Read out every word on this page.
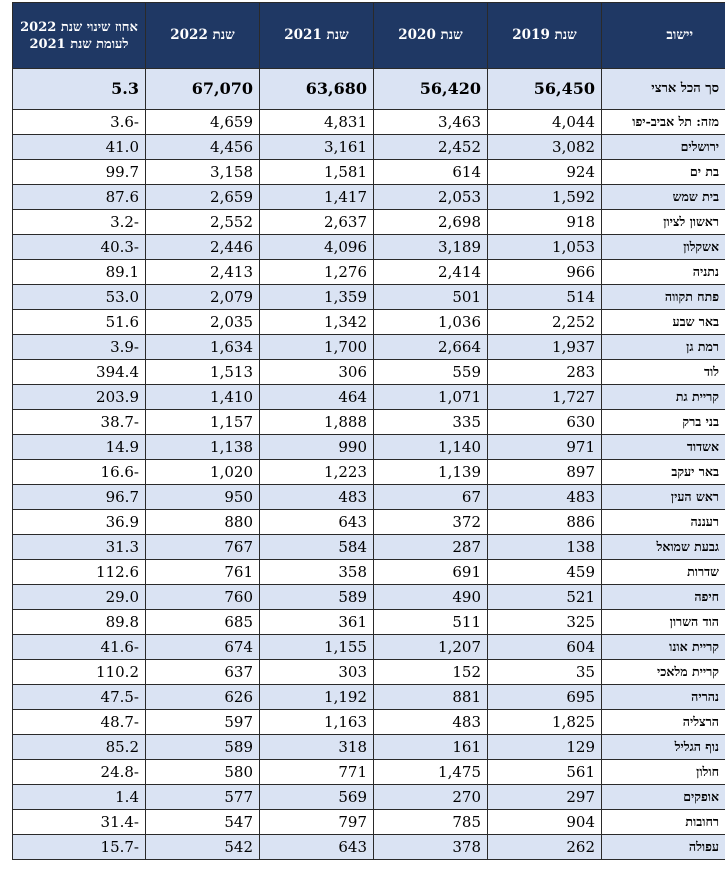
אחוז שינוי שנת 2022 לעומת שנת 2021	שנת 2022	שנת 2021	שנת 2020	שנת 2019	יישוב
5.3	67,070	63,680	56,420	56,450	סך הכל ארצי
3.6-	4,659	4,831	3,463	4,044	מזה: תל אביב-יפו
41.0	4,456	3,161	2,452	3,082	ירושלים
99.7	3,158	1,581	614	924	בת ים
87.6	2,659	1,417	2,053	1,592	בית שמש
3.2-	2,552	2,637	2,698	918	ראשון לציון
40.3-	2,446	4,096	3,189	1,053	אשקלון
89.1	2,413	1,276	2,414	966	נתניה
53.0	2,079	1,359	501	514	פתח תקווה
51.6	2,035	1,342	1,036	2,252	באר שבע
3.9-	1,634	1,700	2,664	1,937	רמת גן
394.4	1,513	306	559	283	לוד
203.9	1,410	464	1,071	1,727	קריית גת
38.7-	1,157	1,888	335	630	בני ברק
14.9	1,138	990	1,140	971	אשדוד
16.6-	1,020	1,223	1,139	897	באר יעקב
96.7	950	483	67	483	ראש העין
36.9	880	643	372	886	רעננה
31.3	767	584	287	138	גבעת שמואל
112.6	761	358	691	459	שדרות
29.0	760	589	490	521	חיפה
89.8	685	361	511	325	הוד השרון
41.6-	674	1,155	1,207	604	קריית אונו
110.2	637	303	152	35	קריית מלאכי
47.5-	626	1,192	881	695	נהריה
48.7-	597	1,163	483	1,825	הרצליה
85.2	589	318	161	129	נוף הגליל
24.8-	580	771	1,475	561	חולון
1.4	577	569	270	297	אופקים
31.4-	547	797	785	904	רחובות
15.7-	542	643	378	262	עפולה
